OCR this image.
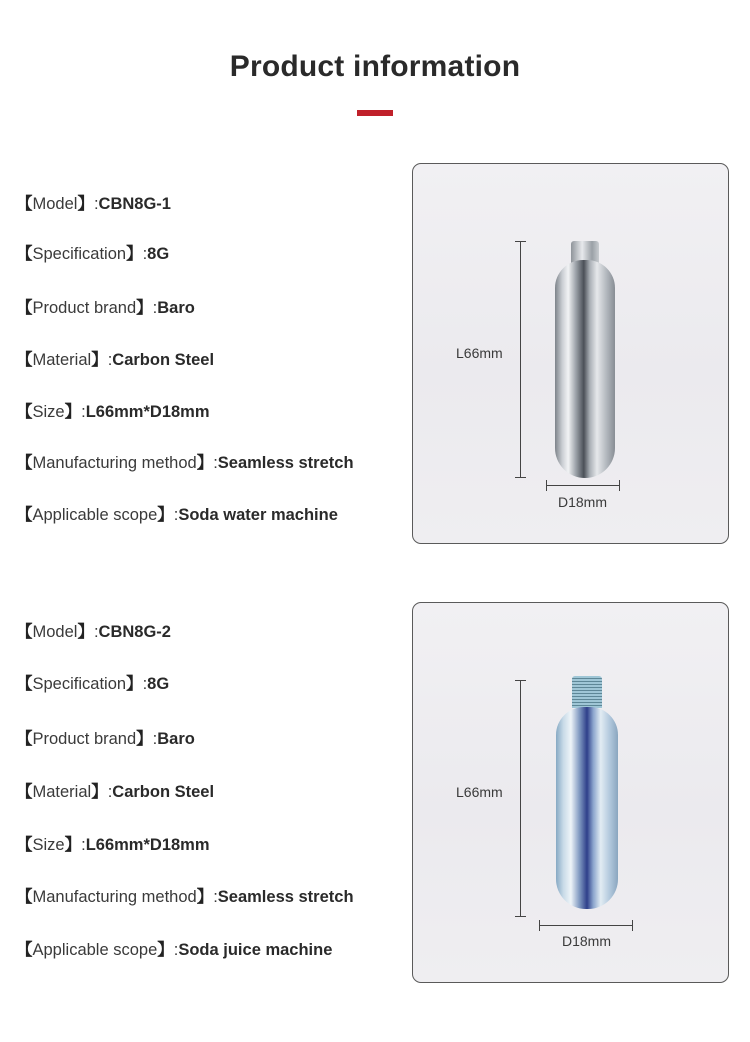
Product information
【Model】:CBN8G-1
【Specification】:8G
【Product brand】:Baro
【Material】:Carbon Steel
【Size】:L66mm*D18mm
【Manufacturing method】:Seamless stretch
【Applicable scope】:Soda water machine
L66mm
D18mm
【Model】:CBN8G-2
【Specification】:8G
【Product brand】:Baro
【Material】:Carbon Steel
【Size】:L66mm*D18mm
【Manufacturing method】:Seamless stretch
【Applicable scope】:Soda juice machine
L66mm
D18mm
